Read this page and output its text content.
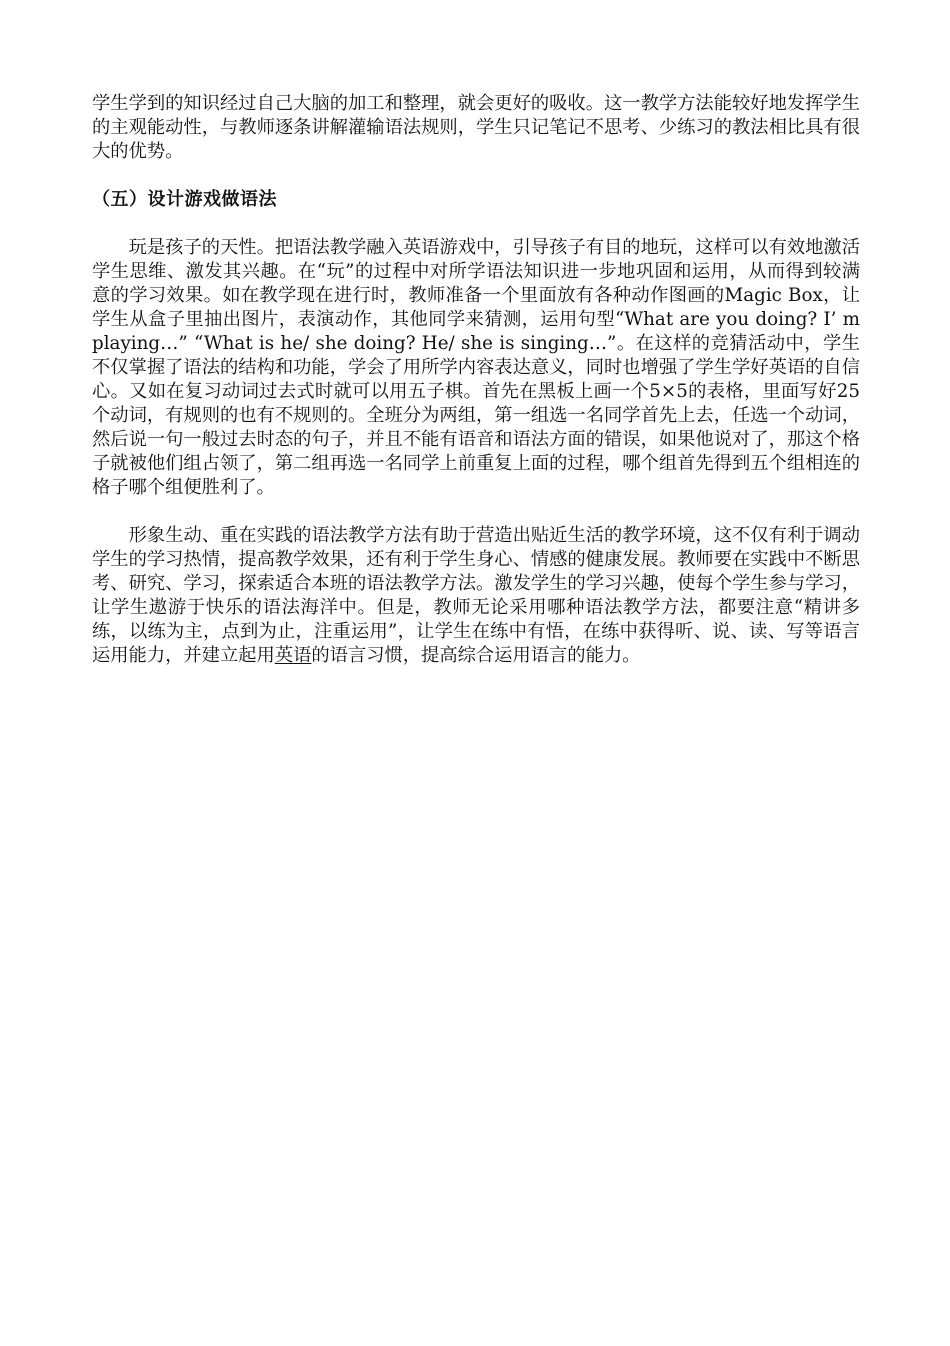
学生学到的知识经过自己大脑的加工和整理，就会更好的吸收。这一教学方法能较好地发挥学生的主观能动性，与教师逐条讲解灌输语法规则，学生只记笔记不思考、少练习的教法相比具有很大的优势。

（五）设计游戏做语法

玩是孩子的天性。把语法教学融入英语游戏中，引导孩子有目的地玩，这样可以有效地激活学生思维、激发其兴趣。在“玩”的过程中对所学语法知识进一步地巩固和运用，从而得到较满意的学习效果。如在教学现在进行时，教师准备一个里面放有各种动作图画的Magic Box，让学生从盒子里抽出图片，表演动作，其他同学来猜测，运用句型“What are you doing? I’ m playing…” “What is he/ she doing? He/ she is singing…”。在这样的竞猜活动中，学生不仅掌握了语法的结构和功能，学会了用所学内容表达意义，同时也增强了学生学好英语的自信心。又如在复习动词过去式时就可以用五子棋。首先在黑板上画一个5×5的表格，里面写好25个动词，有规则的也有不规则的。全班分为两组，第一组选一名同学首先上去，任选一个动词，然后说一句一般过去时态的句子，并且不能有语音和语法方面的错误，如果他说对了，那这个格子就被他们组占领了，第二组再选一名同学上前重复上面的过程，哪个组首先得到五个组相连的格子哪个组便胜利了。

形象生动、重在实践的语法教学方法有助于营造出贴近生活的教学环境，这不仅有利于调动学生的学习热情，提高教学效果，还有利于学生身心、情感的健康发展。教师要在实践中不断思考、研究、学习，探索适合本班的语法教学方法。激发学生的学习兴趣，使每个学生参与学习，让学生遨游于快乐的语法海洋中。但是，教师无论采用哪种语法教学方法，都要注意“精讲多练，以练为主，点到为止，注重运用”，让学生在练中有悟，在练中获得听、说、读、写等语言运用能力，并建立起用英语的语言习惯，提高综合运用语言的能力。
